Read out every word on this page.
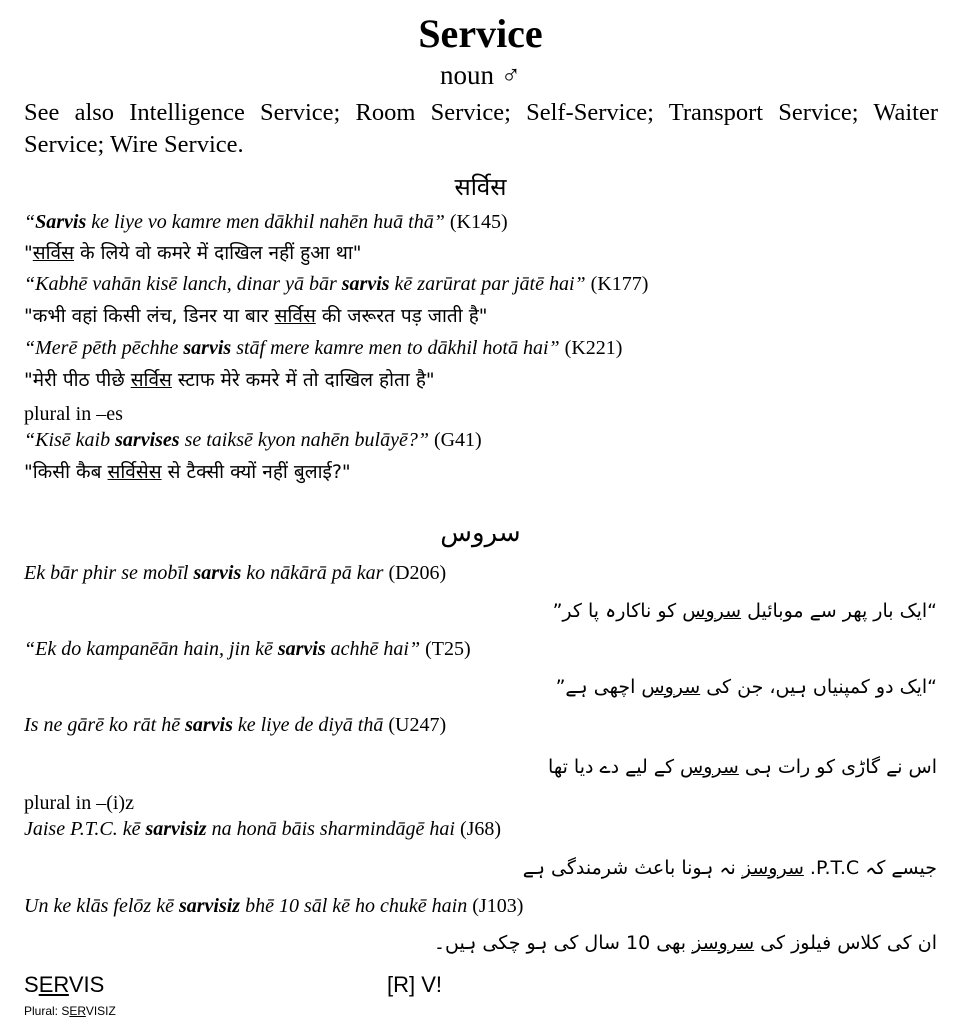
Service
noun ♂
See also Intelligence Service; Room Service; Self-Service; Transport Service; Waiter Service; Wire Service.
सर्विस
“Sarvis ke liye vo kamre men dākhil nahēn huā thā” (K145)
"सर्विस के लिये वो कमरे में दाखिल नहीं हुआ था"
“Kabhē vahān kisē lanch, dinar yā bār sarvis kē zarūrat par jātē hai” (K177)
"कभी वहां किसी लंच, डिनर या बार सर्विस की जरूरत पड़ जाती है"
“Merē pēth pēchhe sarvis stāf mere kamre men to dākhil hotā hai” (K221)
"मेरी पीठ पीछे सर्विस स्टाफ मेरे कमरे में तो दाखिल होता है"
plural in –es
“Kisē kaib sarvises se taiksē kyon nahēn bulāyē?” (G41)
"किसी कैब सर्विसेस से टैक्सी क्यों नहीं बुलाई?"
سروس
Ek bār phir se mobīl sarvis ko nākārā pā kar (D206)
“ایک بار پھر سے موبائیل سروس کو ناکارہ پا کر”
“Ek do kampanēān hain, jin kē sarvis achhē hai” (T25)
“ایک دو کمپنیاں ہیں، جن کی سروس اچھی ہے”
Is ne gārē ko rāt hē sarvis ke liye de diyā thā (U247)
اس نے گاڑی کو رات ہی سروس کے لیے دے دیا تھا
plural in –(i)z
Jaise P.T.C. kē sarvisiz na honā bāis sharmindāgē hai (J68)
جیسے کہ P.T.C. سروسز نہ ہونا باعث شرمندگی ہے
Un ke klās felōz kē sarvisiz bhē 10 sāl kē ho chukē hain (J103)
ان کی کلاس فیلوز کی سروسز بھی 10 سال کی ہو چکی ہیں۔
SERVIS	[R] V!
Plural: SERVISIZ
